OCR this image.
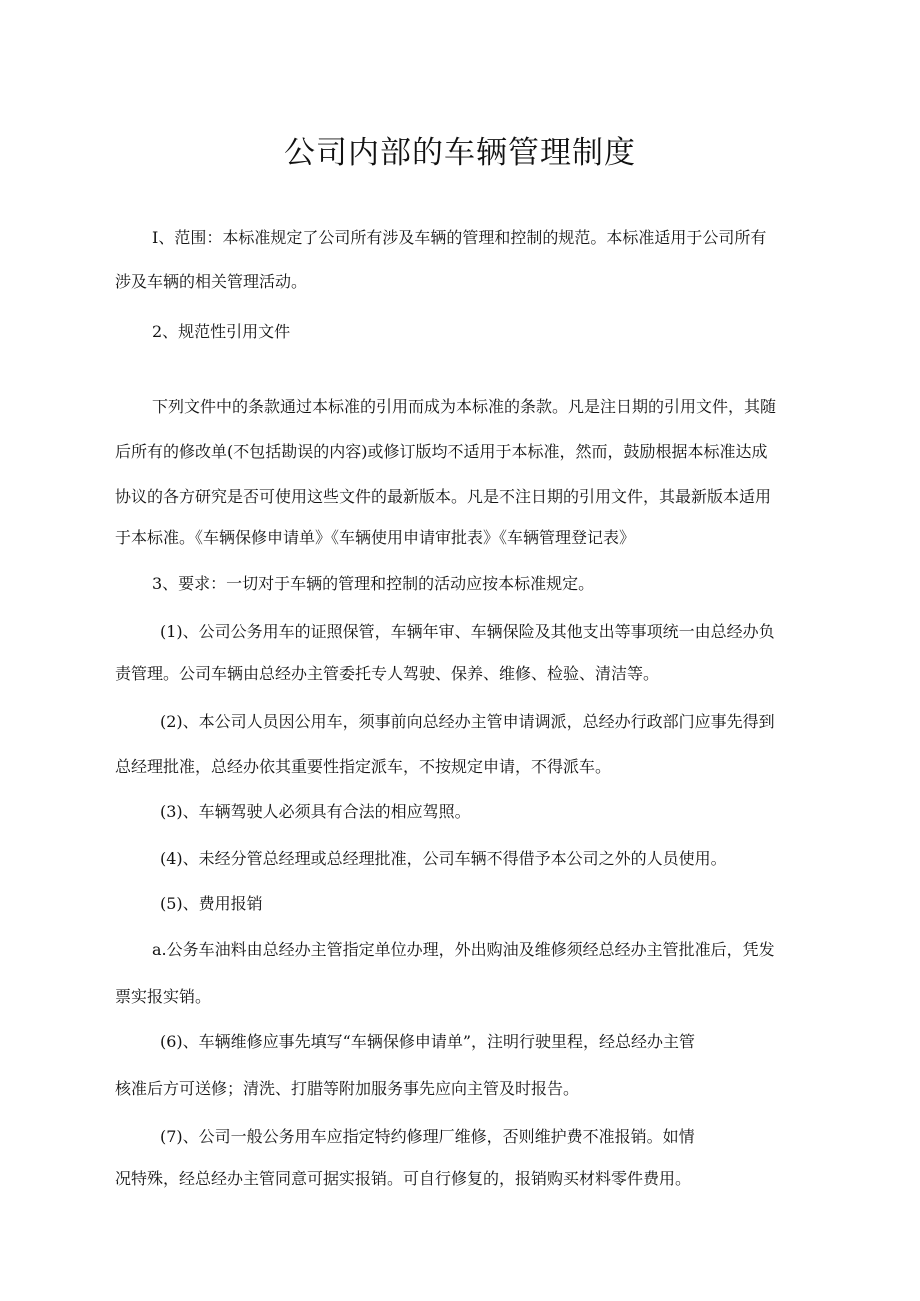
公司内部的车辆管理制度

I、范围：本标准规定了公司所有涉及车辆的管理和控制的规范。本标准适用于公司所有

涉及车辆的相关管理活动。

2、规范性引用文件

下列文件中的条款通过本标准的引用而成为本标准的条款。凡是注日期的引用文件，其随

后所有的修改单(不包括勘误的内容)或修订版均不适用于本标准，然而，鼓励根据本标准达成

协议的各方研究是否可使用这些文件的最新版本。凡是不注日期的引用文件，其最新版本适用

于本标准。《车辆保修申请单》《车辆使用申请审批表》《车辆管理登记表》

3、要求：一切对于车辆的管理和控制的活动应按本标准规定。

(1)、公司公务用车的证照保管，车辆年审、车辆保险及其他支出等事项统一由总经办负

责管理。公司车辆由总经办主管委托专人驾驶、保养、维修、检验、清洁等。

(2)、本公司人员因公用车，须事前向总经办主管申请调派，总经办行政部门应事先得到

总经理批准，总经办依其重要性指定派车，不按规定申请，不得派车。

(3)、车辆驾驶人必须具有合法的相应驾照。

(4)、未经分管总经理或总经理批准，公司车辆不得借予本公司之外的人员使用。

(5)、费用报销

a.公务车油料由总经办主管指定单位办理，外出购油及维修须经总经办主管批准后，凭发

票实报实销。

(6)、车辆维修应事先填写“车辆保修申请单”，注明行驶里程，经总经办主管

核准后方可送修；清洗、打腊等附加服务事先应向主管及时报告。

(7)、公司一般公务用车应指定特约修理厂维修，否则维护费不准报销。如情

况特殊，经总经办主管同意可据实报销。可自行修复的，报销购买材料零件费用。
